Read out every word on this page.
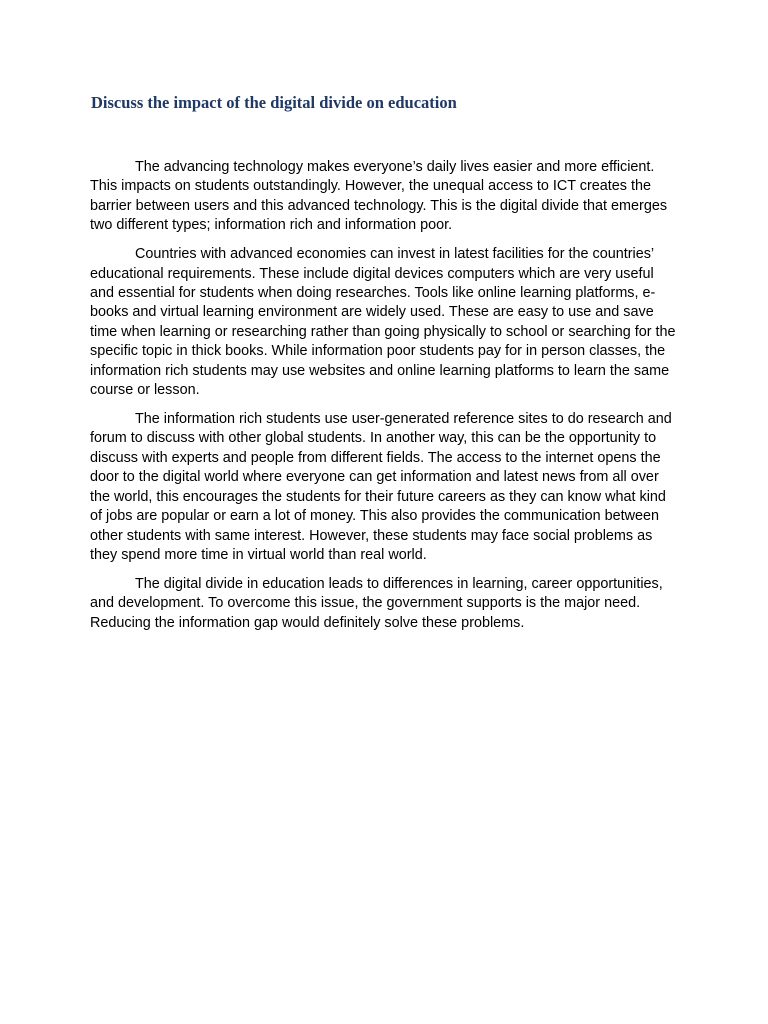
Discuss the impact of the digital divide on education

The advancing technology makes everyone’s daily lives easier and more efficient. This impacts on students outstandingly. However, the unequal access to ICT creates the barrier between users and this advanced technology. This is the digital divide that emerges two different types; information rich and information poor.

Countries with advanced economies can invest in latest facilities for the countries’ educational requirements. These include digital devices computers which are very useful and essential for students when doing researches. Tools like online learning platforms, e-books and virtual learning environment are widely used. These are easy to use and save time when learning or researching rather than going physically to school or searching for the specific topic in thick books. While information poor students pay for in person classes, the information rich students may use websites and online learning platforms to learn the same course or lesson.

The information rich students use user-generated reference sites to do research and forum to discuss with other global students. In another way, this can be the opportunity to discuss with experts and people from different fields. The access to the internet opens the door to the digital world where everyone can get information and latest news from all over the world, this encourages the students for their future careers as they can know what kind of jobs are popular or earn a lot of money. This also provides the communication between other students with same interest. However, these students may face social problems as they spend more time in virtual world than real world.

The digital divide in education leads to differences in learning, career opportunities, and development. To overcome this issue, the government supports is the major need. Reducing the information gap would definitely solve these problems.
